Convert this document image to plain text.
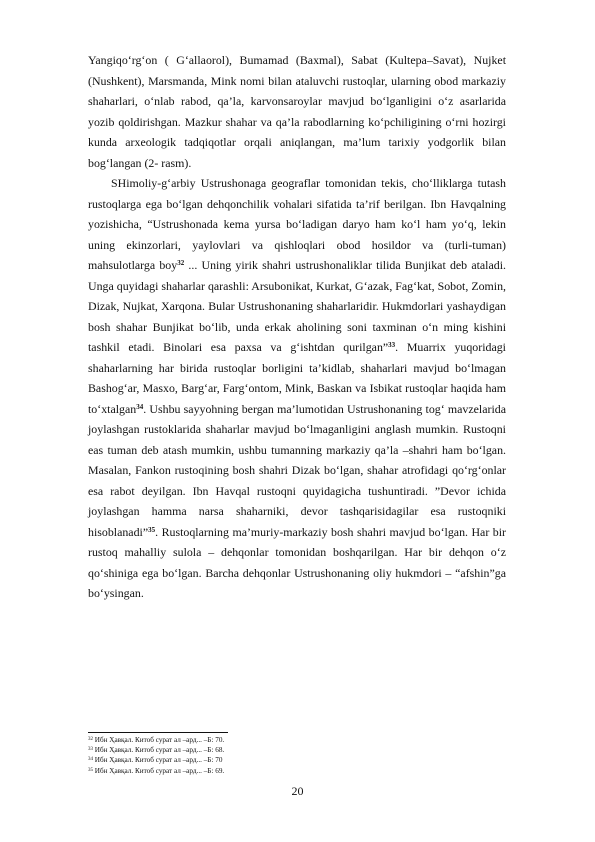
Yangiqo‘rg‘on ( G‘allaorol), Bumamad (Baxmal), Sabat (Kultepa–Savat), Nujket (Nushkent), Marsmanda, Mink nomi bilan ataluvchi rustoqlar, ularning obod markaziy shaharlari, o‘nlab rabod, qa’la, karvonsaroylar mavjud bo‘lganligini o‘z asarlarida yozib qoldirishgan. Mazkur shahar va qa’la rabodlarning ko‘pchiligining o‘rni hozirgi kunda arxeologik tadqiqotlar orqali aniqlangan, ma’lum tarixiy yodgorlik bilan bog‘langan (2- rasm).

SHimoliy-g‘arbiy Ustrushonaga geograflar tomonidan tekis, cho‘lliklarga tutash rustoqlarga ega bo‘lgan dehqonchilik vohalari sifatida ta’rif berilgan. Ibn Havqalning yozishicha, “Ustrushonada kema yursa bo‘ladigan daryo ham ko‘l ham yo‘q, lekin uning ekinzorlari, yaylovlari va qishloqlari obod hosildor va (turli-tuman) mahsulotlarga boy$^{32}$ ... Uning yirik shahri ustrushonaliklar tilida Bunjikat deb ataladi. Unga quyidagi shaharlar qarashli: Arsubonikat, Kurkat, G‘azak, Fag‘kat, Sobot, Zomin, Dizak, Nujkat, Xarqona. Bular Ustrushonaning shaharlaridir. Hukmdorlari yashaydigan bosh shahar Bunjikat bo‘lib, unda erkak aholining soni taxminan o‘n ming kishini tashkil etadi. Binolari esa paxsa va g‘ishtdan qurilgan”$^{33}$. Muarrix yuqoridagi shaharlarning har birida rustoqlar borligini ta’kidlab, shaharlari mavjud bo‘lmagan Bashog‘ar, Masxo, Barg‘ar, Farg‘ontom, Mink, Baskan va Isbikat rustoqlar haqida ham to‘xtalgan$^{34}$. Ushbu sayyohning bergan ma’lumotidan Ustrushonaning tog‘ mavzelarida joylashgan rustoklarida shaharlar mavjud bo‘lmaganligini anglash mumkin. Rustoqni eas tuman deb atash mumkin, ushbu tumanning markaziy qa’la –shahri ham bo‘lgan. Masalan, Fankon rustoqining bosh shahri Dizak bo‘lgan, shahar atrofidagi qo‘rg‘onlar esa rabot deyilgan. Ibn Havqal rustoqni quyidagicha tushuntiradi. ”Devor ichida joylashgan hamma narsa shaharniki, devor tashqarisidagilar esa rustoqniki hisoblanadi”$^{35}$. Rustoqlarning ma’muriy-markaziy bosh shahri mavjud bo‘lgan. Har bir rustoq mahalliy sulola – dehqonlar tomonidan boshqarilgan. Har bir dehqon o‘z qo‘shiniga ega bo‘lgan. Barcha dehqonlar Ustrushonaning oliy hukmdori – “afshin”ga bo‘ysingan.

$^{32}$ Ибн Ҳавқал. Китоб сурат ал –ард... –Б: 70.
$^{33}$ Ибн Ҳавқал. Китоб сурат ал –ард... –Б: 68.
$^{34}$ Ибн Ҳавқал. Китоб сурат ал –ард... –Б: 70
$^{35}$ Ибн Ҳавқал. Китоб сурат ал –ард... –Б: 69.
20
